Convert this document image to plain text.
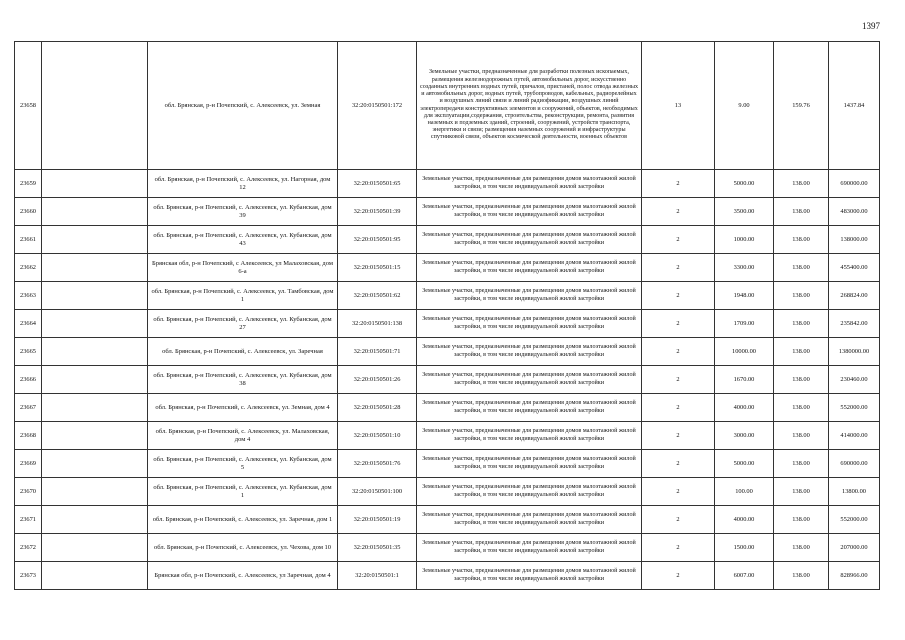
1397
23658		обл. Брянская, р-н Почепский, с. Алексеевск, ул. Земная	32:20:0150501:172	Земельные участки, предназначенные для разработки полезных ископаемых, размещения железнодорожных путей, автомобильных дорог, искусственно созданных внутренних водных путей, причалов, пристаней, полос отвода железных и автомобильных дорог, водных путей, трубопроводов, кабельных, радиорелейных и воздушных линий связи и линий радиофикации, воздушных линий электропередачи конструктивных элементов и сооружений, объектов, необходимых для эксплуатации,содержания, строительства, реконструкции, ремонта, развития наземных и подземных зданий, строений, сооружений, устройств транспорта, энергетики и связи; размещения наземных сооружений и инфраструктуры спутниковой связи, объектов космической деятельности, военных объектов	13	9.00	159.76	1437.84
23659		обл. Брянская, р-н Почепский, с. Алексеевск, ул. Нагорная, дом 12	32:20:0150501:65	Земельные участки, предназначенные для размещения домов малоэтажной жилой застройки, в том числе индивидуальной жилой застройки	2	5000.00	138.00	690000.00
23660		обл. Брянская, р-н Почепский, с. Алексеевск, ул. Кубанская, дом 39	32:20:0150501:39	Земельные участки, предназначенные для размещения домов малоэтажной жилой застройки, в том числе индивидуальной жилой застройки	2	3500.00	138.00	483000.00
23661		обл. Брянская, р-н Почепский, с. Алексеевск, ул. Кубанская, дом 43	32:20:0150501:95	Земельные участки, предназначенные для размещения домов малоэтажной жилой застройки, в том числе индивидуальной жилой застройки	2	1000.00	138.00	138000.00
23662		Брянская обл, р-н Почепский, с Алексеевск, ул Малаховская, дом 6-а	32:20:0150501:15	Земельные участки, предназначенные для размещения домов малоэтажной жилой застройки, в том числе индивидуальной жилой застройки	2	3300.00	138.00	455400.00
23663		обл. Брянская, р-н Почепский, с. Алексеевск, ул. Тамбовская, дом 1	32:20:0150501:62	Земельные участки, предназначенные для размещения домов малоэтажной жилой застройки, в том числе индивидуальной жилой застройки	2	1948.00	138.00	268824.00
23664		обл. Брянская, р-н Почепский, с. Алексеевск, ул. Кубанская, дом 27	32:20:0150501:138	Земельные участки, предназначенные для размещения домов малоэтажной жилой застройки, в том числе индивидуальной жилой застройки	2	1709.00	138.00	235842.00
23665		обл. Брянская, р-н Почепский, с. Алексеевск, ул. Заречная	32:20:0150501:71	Земельные участки, предназначенные для размещения домов малоэтажной жилой застройки, в том числе индивидуальной жилой застройки	2	10000.00	138.00	1380000.00
23666		обл. Брянская, р-н Почепский, с. Алексеевск, ул. Кубанская, дом 38	32:20:0150501:26	Земельные участки, предназначенные для размещения домов малоэтажной жилой застройки, в том числе индивидуальной жилой застройки	2	1670.00	138.00	230460.00
23667		обл. Брянская, р-н Почепский, с. Алексеевск, ул. Земная, дом 4	32:20:0150501:28	Земельные участки, предназначенные для размещения домов малоэтажной жилой застройки, в том числе индивидуальной жилой застройки	2	4000.00	138.00	552000.00
23668		обл. Брянская, р-н Почепский, с. Алексеевск, ул. Малаховская, дом 4	32:20:0150501:10	Земельные участки, предназначенные для размещения домов малоэтажной жилой застройки, в том числе индивидуальной жилой застройки	2	3000.00	138.00	414000.00
23669		обл. Брянская, р-н Почепский, с. Алексеевск, ул. Кубанская, дом 5	32:20:0150501:76	Земельные участки, предназначенные для размещения домов малоэтажной жилой застройки, в том числе индивидуальной жилой застройки	2	5000.00	138.00	690000.00
23670		обл. Брянская, р-н Почепский, с. Алексеевск, ул. Кубанская, дом 1	32:20:0150501:100	Земельные участки, предназначенные для размещения домов малоэтажной жилой застройки, в том числе индивидуальной жилой застройки	2	100.00	138.00	13800.00
23671		обл. Брянская, р-н Почепский, с. Алексеевск, ул. Заречная, дом 1	32:20:0150501:19	Земельные участки, предназначенные для размещения домов малоэтажной жилой застройки, в том числе индивидуальной жилой застройки	2	4000.00	138.00	552000.00
23672		обл. Брянская, р-н Почепский, с. Алексеевск, ул. Чехова, дом 10	32:20:0150501:35	Земельные участки, предназначенные для размещения домов малоэтажной жилой застройки, в том числе индивидуальной жилой застройки	2	1500.00	138.00	207000.00
23673		Брянская обл, р-н Почепский, с. Алексеевск, ул Заречная, дом 4	32:20:0150501:1	Земельные участки, предназначенные для размещения домов малоэтажной жилой застройки, в том числе индивидуальной жилой застройки	2	6007.00	138.00	828966.00
